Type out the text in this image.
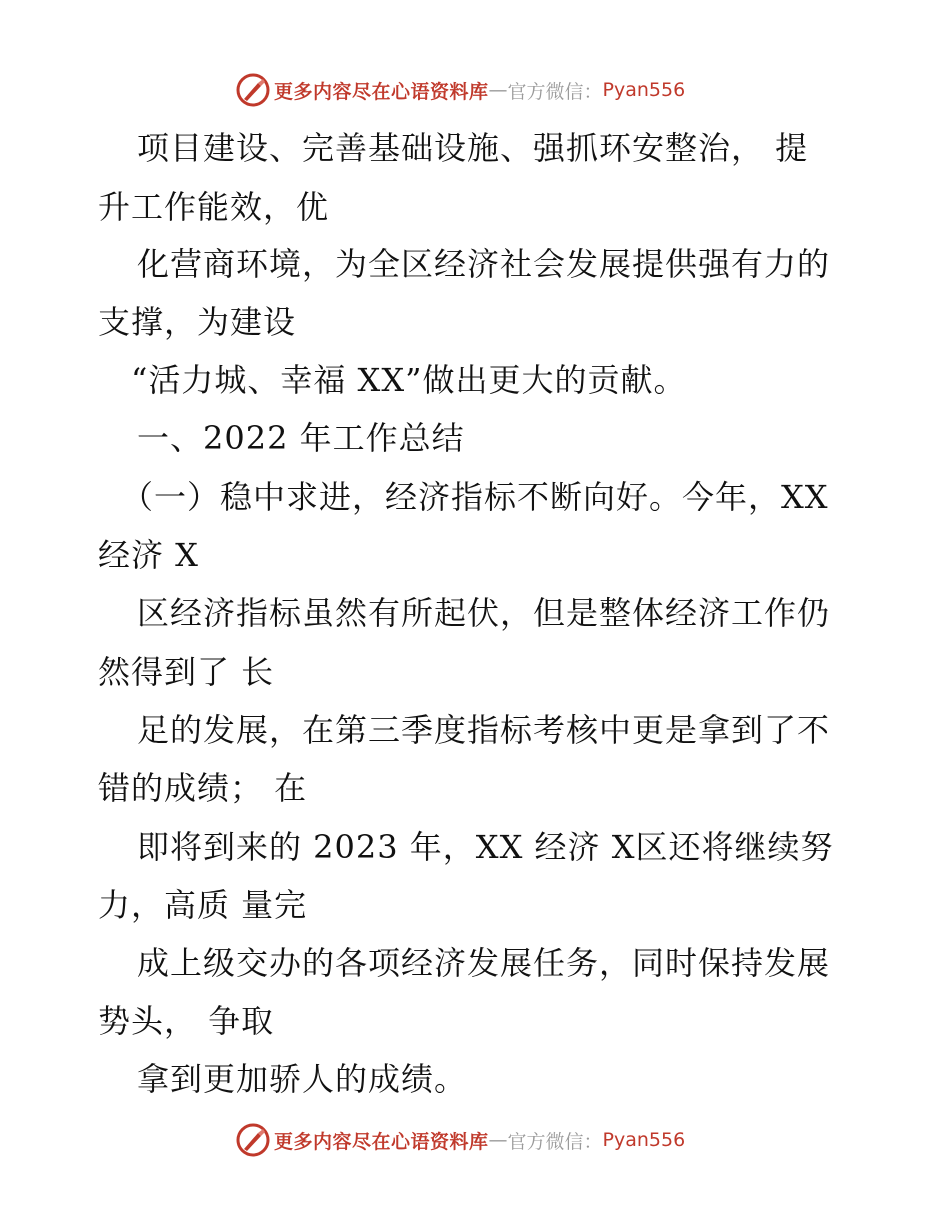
更多内容尽在心语资料库 — 官方微信： Pyan556
项目建设、完善基础设施、强抓环安整治， 提
升工作能效，优
化营商环境，为全区经济社会发展提供强有力的
支撑，为建设
“活力城、幸福 XX”做出更大的贡献。
一、2022 年工作总结
（一）稳中求进，经济指标不断向好。今年，XX
经济 X
区经济指标虽然有所起伏，但是整体经济工作仍
然得到了 长
足的发展，在第三季度指标考核中更是拿到了不
错的成绩； 在
即将到来的 2023 年，XX 经济 X区还将继续努
力，高质 量完
成上级交办的各项经济发展任务，同时保持发展
势头， 争取
拿到更加骄人的成绩。
更多内容尽在心语资料库 — 官方微信： Pyan556
